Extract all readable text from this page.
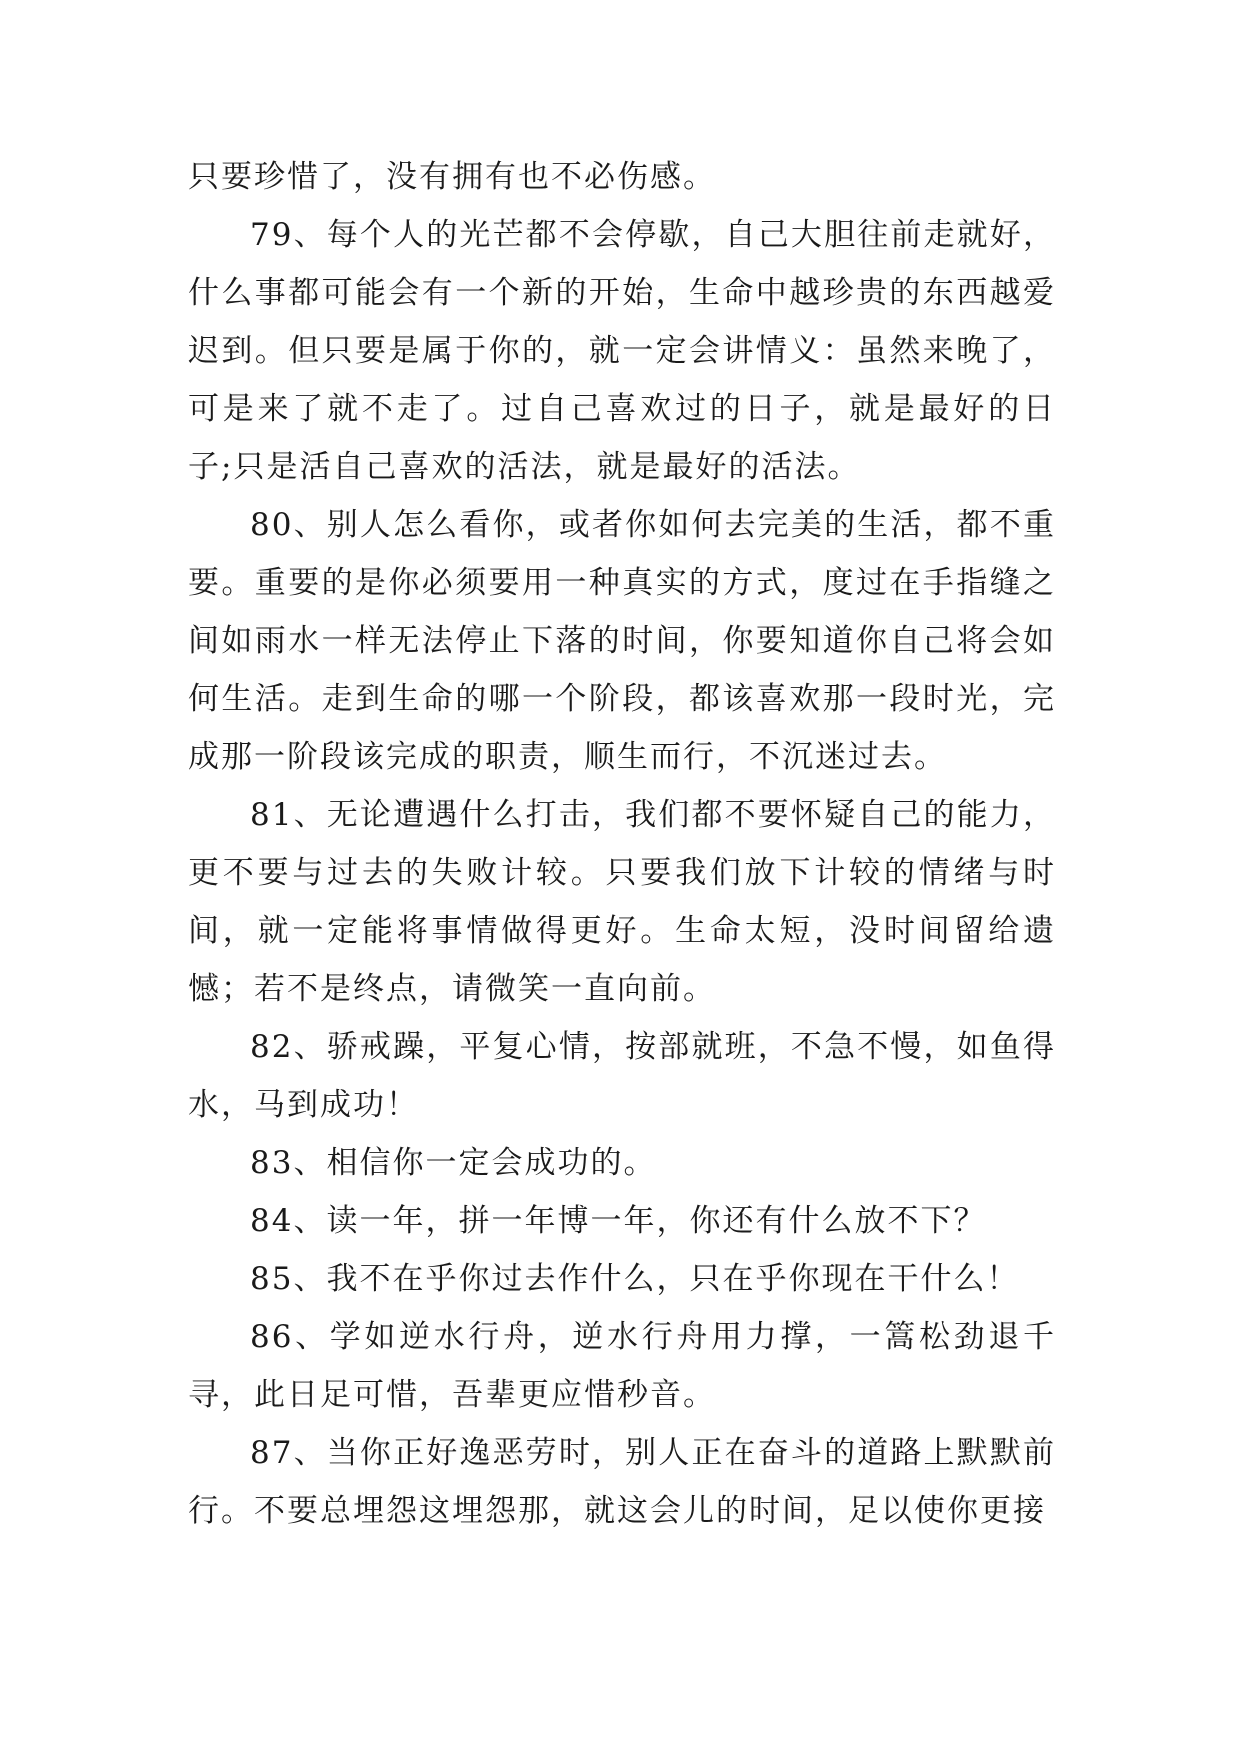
只要珍惜了，没有拥有也不必伤感。

79、每个人的光芒都不会停歇，自己大胆往前走就好，什么事都可能会有一个新的开始，生命中越珍贵的东西越爱迟到。但只要是属于你的，就一定会讲情义：虽然来晚了，可是来了就不走了。过自己喜欢过的日子，就是最好的日子;只是活自己喜欢的活法，就是最好的活法。

80、别人怎么看你，或者你如何去完美的生活，都不重要。重要的是你必须要用一种真实的方式，度过在手指缝之间如雨水一样无法停止下落的时间，你要知道你自己将会如何生活。走到生命的哪一个阶段，都该喜欢那一段时光，完成那一阶段该完成的职责，顺生而行，不沉迷过去。

81、无论遭遇什么打击，我们都不要怀疑自己的能力，更不要与过去的失败计较。只要我们放下计较的情绪与时间，就一定能将事情做得更好。生命太短，没时间留给遗憾；若不是终点，请微笑一直向前。

82、骄戒躁，平复心情，按部就班，不急不慢，如鱼得水，马到成功！

83、相信你一定会成功的。

84、读一年，拼一年博一年，你还有什么放不下？

85、我不在乎你过去作什么，只在乎你现在干什么！

86、学如逆水行舟，逆水行舟用力撑，一篙松劲退千寻，此日足可惜，吾辈更应惜秒音。

87、当你正好逸恶劳时，别人正在奋斗的道路上默默前行。不要总埋怨这埋怨那，就这会儿的时间，足以使你更接
